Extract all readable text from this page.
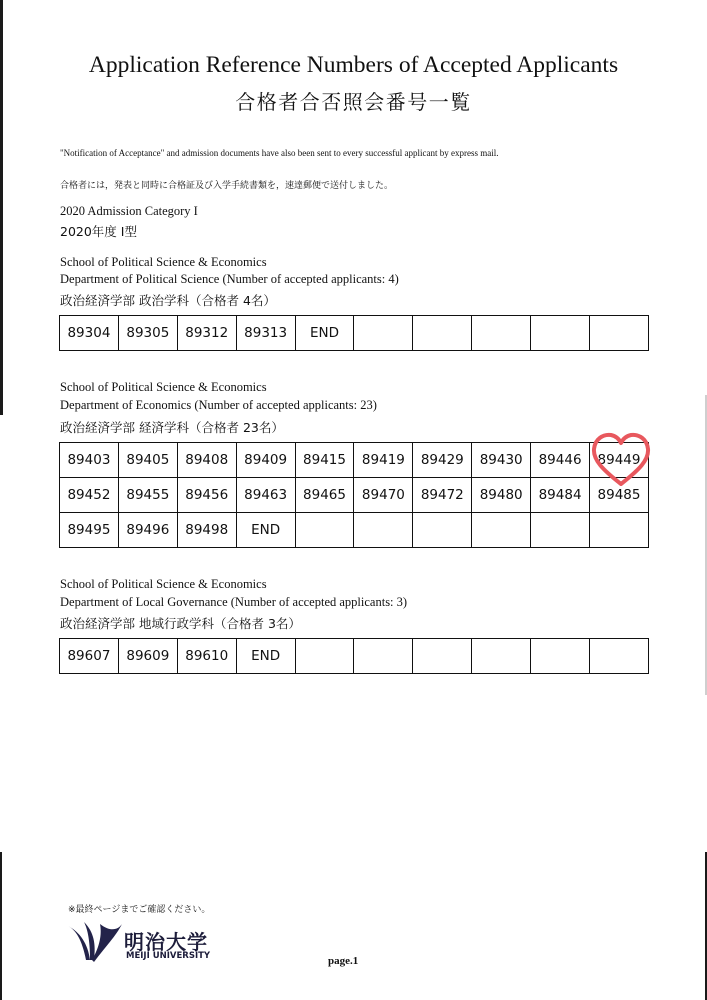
Application Reference Numbers of Accepted Applicants
合格者合否照会番号一覧
"Notification of Acceptance" and admission documents have also been sent to every successful applicant by express mail.
合格者には，発表と同時に合格証及び入学手続書類を，速達郵便で送付しました。
2020 Admission Category I
2020年度 Ⅰ型
School of Political Science & Economics
Department of Political Science (Number of accepted applicants: 4)
政治経済学部 政治学科（合格者 4名）
89304	89305	89312	89313	END					
School of Political Science & Economics
Department of Economics (Number of accepted applicants: 23)
政治経済学部 経済学科（合格者 23名）
89403	89405	89408	89409	89415	89419	89429	89430	89446	89449

89452	89455	89456	89463	89465	89470	89472	89480	89484	89485
89495	89496	89498	END						
School of Political Science & Economics
Department of Local Governance (Number of accepted applicants: 3)
政治経済学部 地域行政学科（合格者 3名）
89607	89609	89610	END						
※最終ページまでご確認ください。
明治大学
MEIJI UNIVERSITY	page.1
